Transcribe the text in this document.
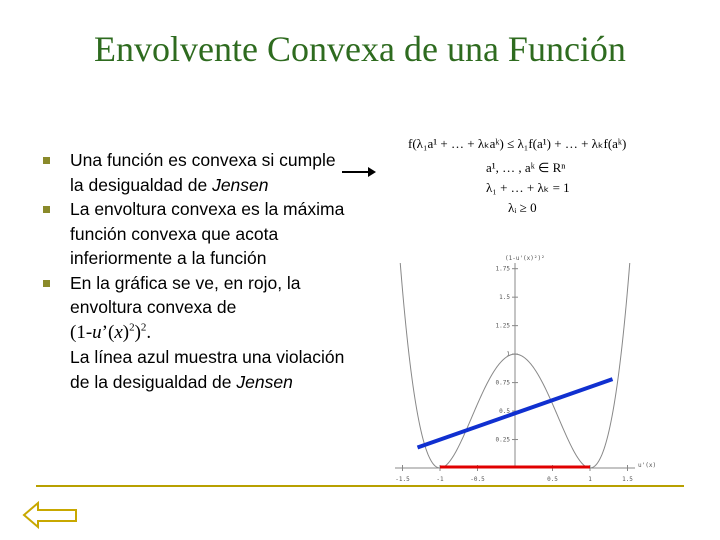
Envolvente Convexa de una Función
Una función es convexa si cumple la desigualdad de Jensen
La envoltura convexa es la máxima función convexa que acota inferiormente a la función
En la gráfica se ve, en rojo, la envoltura convexa de
$(1-u’(x)^2)^2$.
La línea azul muestra una violación de la desigualdad de Jensen
f(λ₁a¹ + … + λₖaᵏ) ≤ λ₁f(a¹) + … + λₖf(aᵏ)
a¹, … , aᵏ ∈ Rⁿ
λ₁ + … + λₖ = 1
λᵢ ≥ 0
-1.5	-1	-0.5	0.5	1	1.5
0.25
0.5
0.75
1
1.25
1.5
1.75
(1-u'(x)²)²
u'(x)
